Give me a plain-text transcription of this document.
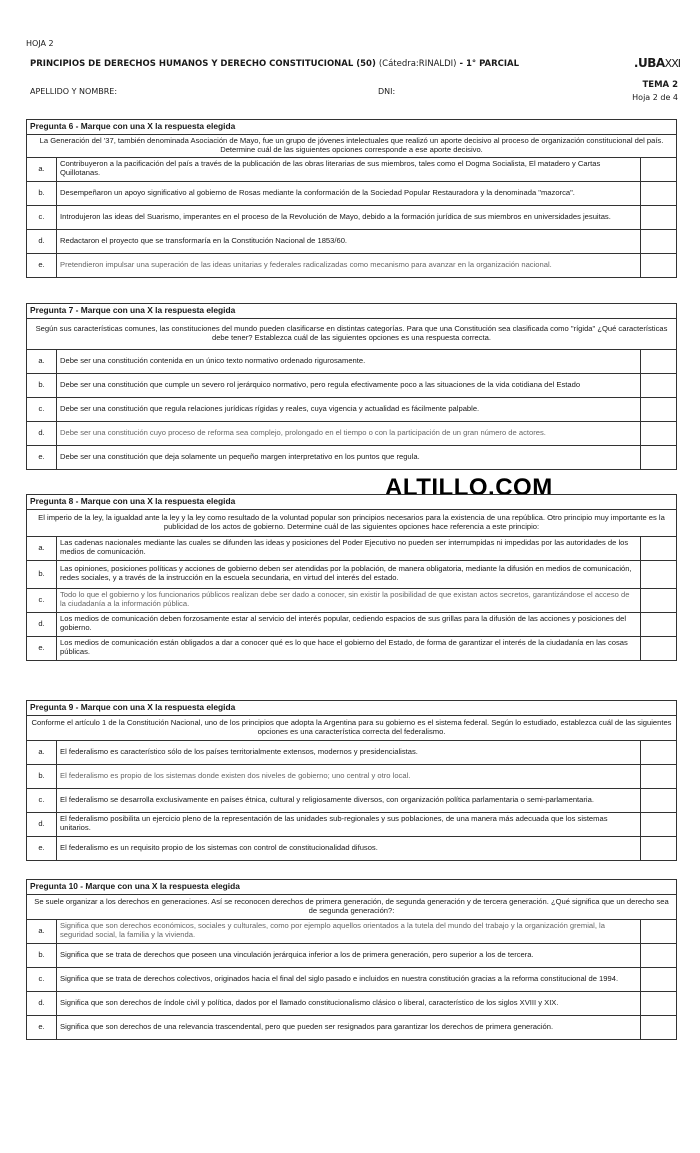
HOJA 2
PRINCIPIOS DE DERECHOS HUMANOS Y DERECHO CONSTITUCIONAL (50) (Cátedra:RINALDI) - 1° PARCIAL	.UBAXXI
APELLIDO Y NOMBRE:	DNI:
TEMA 2
Hoja 2 de 4
Pregunta 6 - Marque con una X la respuesta elegida		
La Generación del '37, también denominada Asociación de Mayo, fue un grupo de jóvenes intelectuales que realizó un aporte decisivo al proceso de organización constitucional del país. Determine cuál de las siguientes opciones corresponde a ese aporte decisivo.		
a.	Contribuyeron a la pacificación del país a través de la publicación de las obras literarias de sus miembros, tales como el Dogma Socialista, El matadero y Cartas Quillotanas.	
b.	Desempeñaron un apoyo significativo al gobierno de Rosas mediante la conformación de la Sociedad Popular Restauradora y la denominada "mazorca".	
c.	Introdujeron las ideas del Suarismo, imperantes en el proceso de la Revolución de Mayo, debido a la formación jurídica de sus miembros en universidades jesuitas.	
d.	Redactaron el proyecto que se transformaría en la Constitución Nacional de 1853/60.	
e.	Pretendieron impulsar una superación de las ideas unitarias y federales radicalizadas como mecanismo para avanzar en la organización nacional.	
Pregunta 7 - Marque con una X la respuesta elegida		
Según sus características comunes, las constituciones del mundo pueden clasificarse en distintas categorías. Para que una Constitución sea clasificada como "rígida" ¿Qué características debe tener? Establezca cuál de las siguientes opciones es una respuesta correcta.		
a.	Debe ser una constitución contenida en un único texto normativo ordenado rigurosamente.	
b.	Debe ser una constitución que cumple un severo rol jerárquico normativo, pero regula efectivamente poco a las situaciones de la vida cotidiana del Estado	
c.	Debe ser una constitución que regula relaciones jurídicas rígidas y reales, cuya vigencia y actualidad es fácilmente palpable.	
d.	Debe ser una constitución cuyo proceso de reforma sea complejo, prolongado en el tiempo o con la participación de un gran número de actores.	
e.	Debe ser una constitución que deja solamente un pequeño margen interpretativo en los puntos que regula.	
ALTILLO.COM
Pregunta 8 - Marque con una X la respuesta elegida		
El imperio de la ley, la igualdad ante la ley y la ley como resultado de la voluntad popular son principios necesarios para la existencia de una república. Otro principio muy importante es la publicidad de los actos de gobierno. Determine cuál de las siguientes opciones hace referencia a este principio:		
a.	Las cadenas nacionales mediante las cuales se difunden las ideas y posiciones del Poder Ejecutivo no pueden ser interrumpidas ni impedidas por las autoridades de los medios de comunicación.	
b.	Las opiniones, posiciones políticas y acciones de gobierno deben ser atendidas por la población, de manera obligatoria, mediante la difusión en medios de comunicación, redes sociales, y a través de la instrucción en la escuela secundaria, en virtud del interés del estado.	
c.	Todo lo que el gobierno y los funcionarios públicos realizan debe ser dado a conocer, sin existir la posibilidad de que existan actos secretos, garantizándose el acceso de la ciudadanía a la información pública.	
d.	Los medios de comunicación deben forzosamente estar al servicio del interés popular, cediendo espacios de sus grillas para la difusión de las acciones y posiciones del gobierno.	
e.	Los medios de comunicación están obligados a dar a conocer qué es lo que hace el gobierno del Estado, de forma de garantizar el interés de la ciudadanía en las cosas públicas.	
Pregunta 9 - Marque con una X la respuesta elegida		
Conforme el artículo 1 de la Constitución Nacional, uno de los principios que adopta la Argentina para su gobierno es el sistema federal. Según lo estudiado, establezca cuál de las siguientes opciones es una característica correcta del federalismo.		
a.	El federalismo es característico sólo de los países territorialmente extensos, modernos y presidencialistas.	
b.	El federalismo es propio de los sistemas donde existen dos niveles de gobierno; uno central y otro local.	
c.	El federalismo se desarrolla exclusivamente en países étnica, cultural y religiosamente diversos, con organización política parlamentaria o semi-parlamentaria.	
d.	El federalismo posibilita un ejercicio pleno de la representación de las unidades sub-regionales y sus poblaciones, de una manera más adecuada que los sistemas unitarios.	
e.	El federalismo es un requisito propio de los sistemas con control de constitucionalidad difusos.	
Pregunta 10 - Marque con una X la respuesta elegida		
Se suele organizar a los derechos en generaciones. Así se reconocen derechos de primera generación, de segunda generación y de tercera generación. ¿Qué significa que un derecho sea de segunda generación?:		
a.	Significa que son derechos económicos, sociales y culturales, como por ejemplo aquellos orientados a la tutela del mundo del trabajo y la organización gremial, la seguridad social, la familia y la vivienda.	
b.	Significa que se trata de derechos que poseen una vinculación jerárquica inferior a los de primera generación, pero superior a los de tercera.	
c.	Significa que se trata de derechos colectivos, originados hacia el final del siglo pasado e incluidos en nuestra constitución gracias a la reforma constitucional de 1994.	
d.	Significa que son derechos de índole civil y política, dados por el llamado constitucionalismo clásico o liberal, característico de los siglos XVIII y XIX.	
e.	Significa que son derechos de una relevancia trascendental, pero que pueden ser resignados para garantizar los derechos de primera generación.	
